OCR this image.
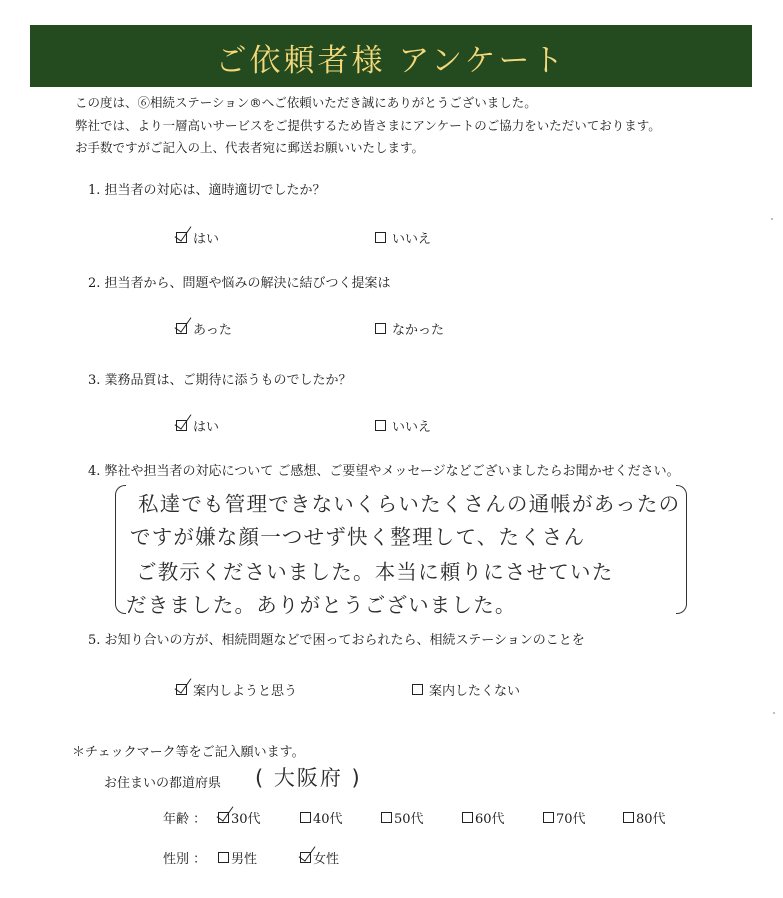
ご依頼者様 アンケート
この度は、➅相続ステーション®へご依頼いただき誠にありがとうございました。
弊社では、より一層高いサービスをご提供するため皆さまにアンケートのご協力をいただいております。
お手数ですがご記入の上、代表者宛に郵送お願いいたします。
1. 担当者の対応は、適時適切でしたか？
はい	いいえ
2. 担当者から、問題や悩みの解決に結びつく提案は
あった	なかった
3. 業務品質は、ご期待に添うものでしたか？
はい	いいえ
4. 弊社や担当者の対応について ご感想、ご要望やメッセージなどございましたらお聞かせください。
私達でも管理できないくらいたくさんの通帳があったの
ですが嫌な顔一つせず快く整理して、たくさん
ご教示くださいました。本当に頼りにさせていた
だきました。ありがとうございました。
5. お知り合いの方が、相続問題などで困っておられたら、相続ステーションのことを
案内しようと思う	案内したくない
＊チェックマーク等をご記入願います。
お住まいの都道府県 ( 大阪府 )
年齢 ： 30代	40代	50代	60代	70代	80代
性別 ： 男性	女性
